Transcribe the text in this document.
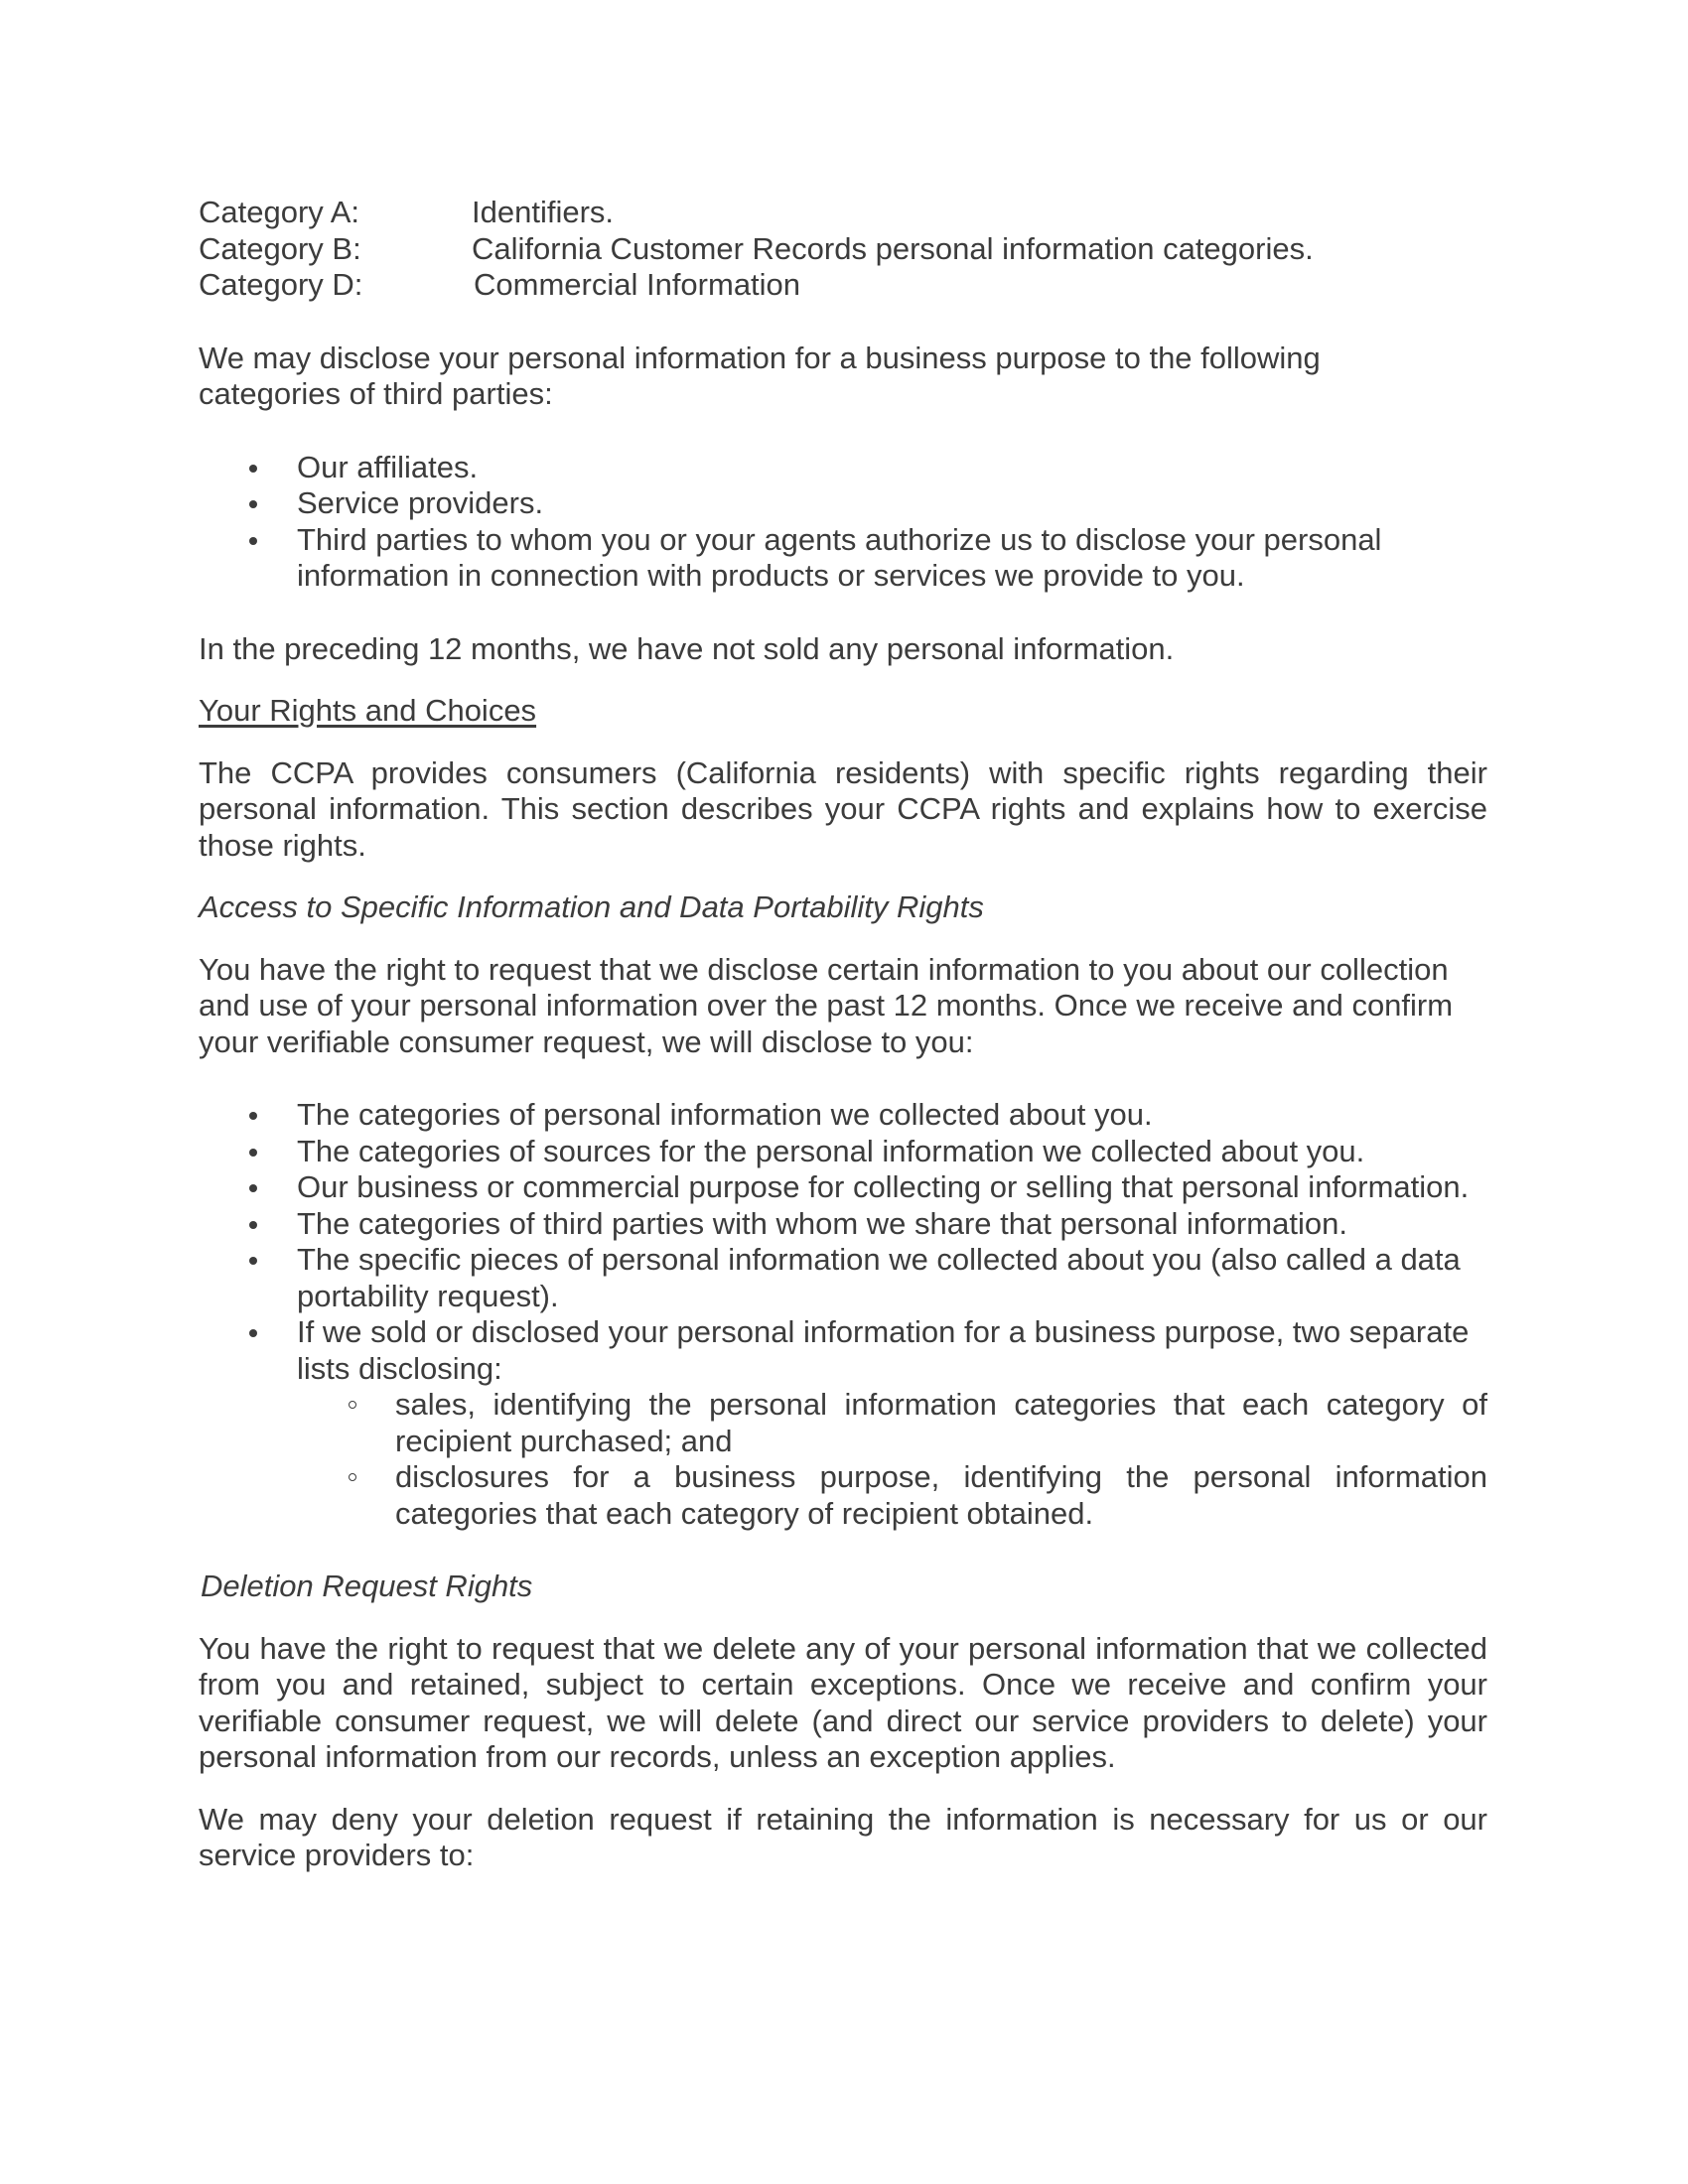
Category A:	Identifiers.
Category B:	California Customer Records personal information categories.
Category D:	Commercial Information

We may disclose your personal information for a business purpose to the following categories of third parties:

Our affiliates.
Service providers.
Third parties to whom you or your agents authorize us to disclose your personal information in connection with products or services we provide to you.

In the preceding 12 months, we have not sold any personal information.

Your Rights and Choices

The CCPA provides consumers (California residents) with specific rights regarding their personal information. This section describes your CCPA rights and explains how to exercise those rights.

Access to Specific Information and Data Portability Rights

You have the right to request that we disclose certain information to you about our collection and use of your personal information over the past 12 months. Once we receive and confirm your verifiable consumer request, we will disclose to you:

The categories of personal information we collected about you.
The categories of sources for the personal information we collected about you.
Our business or commercial purpose for collecting or selling that personal information.
The categories of third parties with whom we share that personal information.
The specific pieces of personal information we collected about you (also called a data portability request).
If we sold or disclosed your personal information for a business purpose, two separate lists disclosing:
sales, identifying the personal information categories that each category of recipient purchased; and
disclosures for a business purpose, identifying the personal information categories that each category of recipient obtained.
Deletion Request Rights

You have the right to request that we delete any of your personal information that we collected from you and retained, subject to certain exceptions. Once we receive and confirm your verifiable consumer request, we will delete (and direct our service providers to delete) your personal information from our records, unless an exception applies.

We may deny your deletion request if retaining the information is necessary for us or our service providers to:
